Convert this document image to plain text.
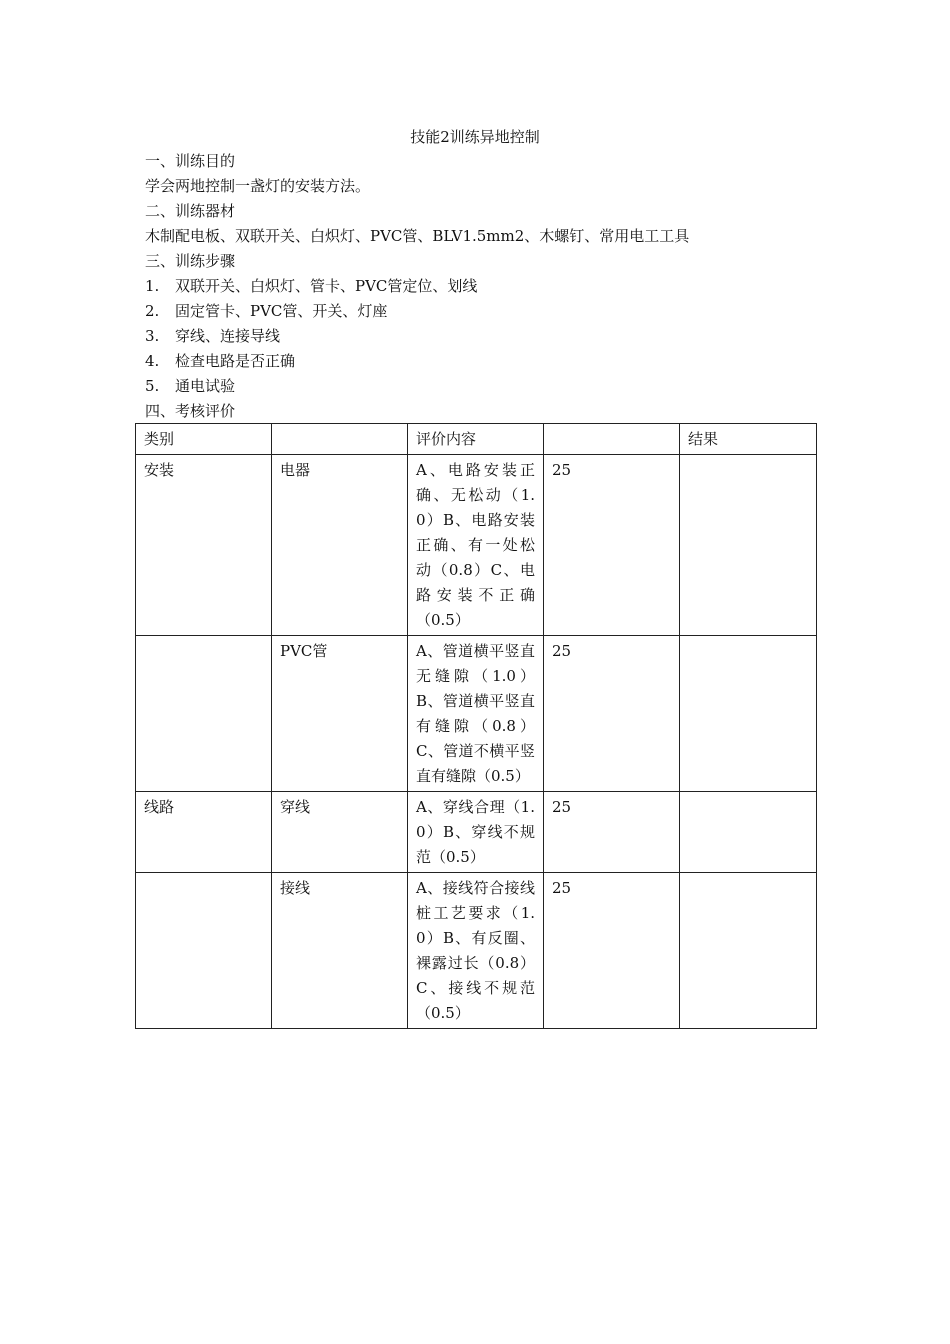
技能2训练异地控制
一、训练目的
学会两地控制一盏灯的安装方法。
二、训练器材
木制配电板、双联开关、白炽灯、PVC管、BLV1.5mm2、木螺钉、常用电工工具
三、训练步骤
1. 双联开关、白炽灯、管卡、PVC管定位、划线
2. 固定管卡、PVC管、开关、灯座
3. 穿线、连接导线
4. 检查电路是否正确
5. 通电试验
四、考核评价
类别		评价内容		结果
安装	电器	A、电路安装正确、无松动（1.0）B、电路安装正确、有一处松动（0.8）C、电路安装不正确（0.5）	25	
	PVC管	A、管道横平竖直无缝隙（1.0）B、管道横平竖直有缝隙（0.8）C、管道不横平竖直有缝隙（0.5）	25	
线路	穿线	A、穿线合理（1.0）B、穿线不规范（0.5）	25	
	接线	A、接线符合接线桩工艺要求（1.0）B、有反圈、裸露过长（0.8）C、接线不规范（0.5）	25	
